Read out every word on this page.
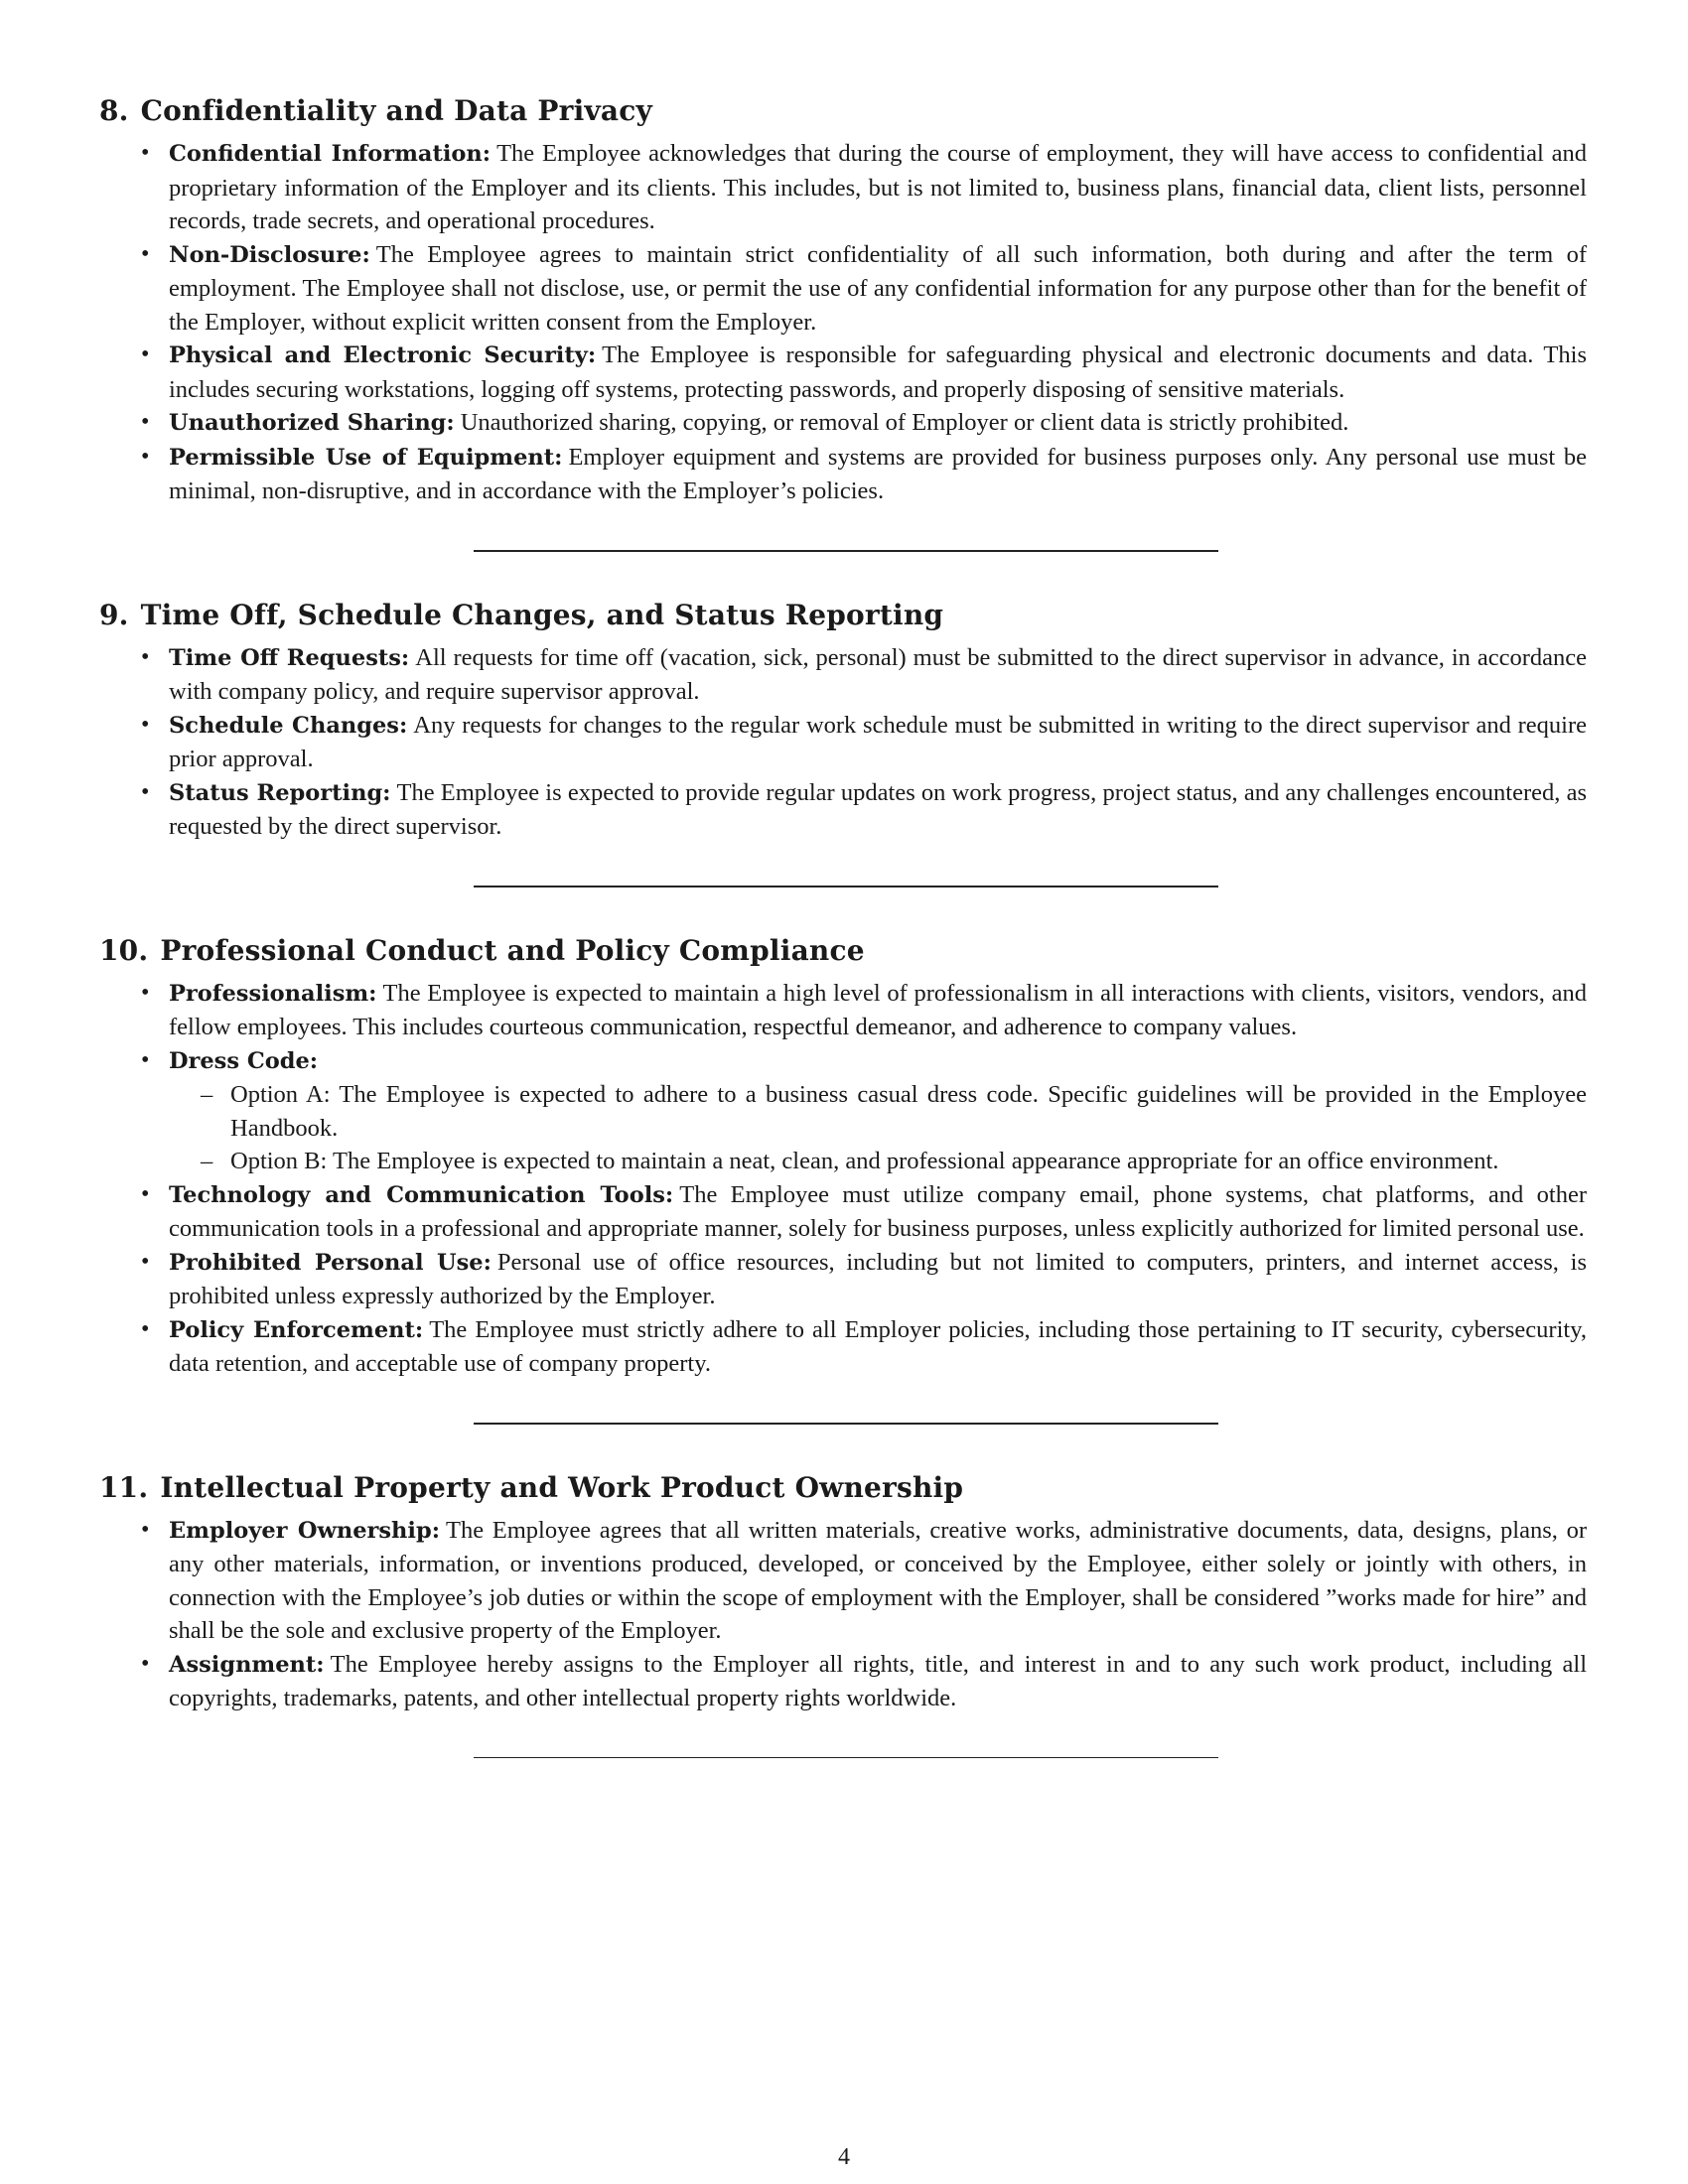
8. Confidentiality and Data Privacy
• Confidential Information: The Employee acknowledges that during the course of employment, they will have access to confidential and proprietary information of the Employer and its clients. This includes, but is not limited to, business plans, financial data, client lists, personnel records, trade secrets, and operational procedures.
• Non-Disclosure: The Employee agrees to maintain strict confidentiality of all such information, both during and after the term of employment. The Employee shall not disclose, use, or permit the use of any confidential information for any purpose other than for the benefit of the Employer, without explicit written consent from the Employer.
• Physical and Electronic Security: The Employee is responsible for safeguarding physical and electronic documents and data. This includes securing workstations, logging off systems, protecting passwords, and properly disposing of sensitive materials.
• Unauthorized Sharing: Unauthorized sharing, copying, or removal of Employer or client data is strictly prohibited.
• Permissible Use of Equipment: Employer equipment and systems are provided for business purposes only. Any personal use must be minimal, non-disruptive, and in accordance with the Employer’s policies.
9. Time Off, Schedule Changes, and Status Reporting
• Time Off Requests: All requests for time off (vacation, sick, personal) must be submitted to the direct supervisor in advance, in accordance with company policy, and require supervisor approval.
• Schedule Changes: Any requests for changes to the regular work schedule must be submitted in writing to the direct supervisor and require prior approval.
• Status Reporting: The Employee is expected to provide regular updates on work progress, project status, and any challenges encountered, as requested by the direct supervisor.
10. Professional Conduct and Policy Compliance
• Professionalism: The Employee is expected to maintain a high level of professionalism in all interactions with clients, visitors, vendors, and fellow employees. This includes courteous communication, respectful demeanor, and adherence to company values.
• Dress Code:
– Option A: The Employee is expected to adhere to a business casual dress code. Specific guidelines will be provided in the Employee Handbook.
– Option B: The Employee is expected to maintain a neat, clean, and professional appearance appropriate for an office environment.
• Technology and Communication Tools: The Employee must utilize company email, phone systems, chat platforms, and other communication tools in a professional and appropriate manner, solely for business purposes, unless explicitly authorized for limited personal use.
• Prohibited Personal Use: Personal use of office resources, including but not limited to computers, printers, and internet access, is prohibited unless expressly authorized by the Employer.
• Policy Enforcement: The Employee must strictly adhere to all Employer policies, including those pertaining to IT security, cybersecurity, data retention, and acceptable use of company property.
11. Intellectual Property and Work Product Ownership
• Employer Ownership: The Employee agrees that all written materials, creative works, administrative documents, data, designs, plans, or any other materials, information, or inventions produced, developed, or conceived by the Employee, either solely or jointly with others, in connection with the Employee’s job duties or within the scope of employment with the Employer, shall be considered ”works made for hire” and shall be the sole and exclusive property of the Employer.
• Assignment: The Employee hereby assigns to the Employer all rights, title, and interest in and to any such work product, including all copyrights, trademarks, patents, and other intellectual property rights worldwide.
4
